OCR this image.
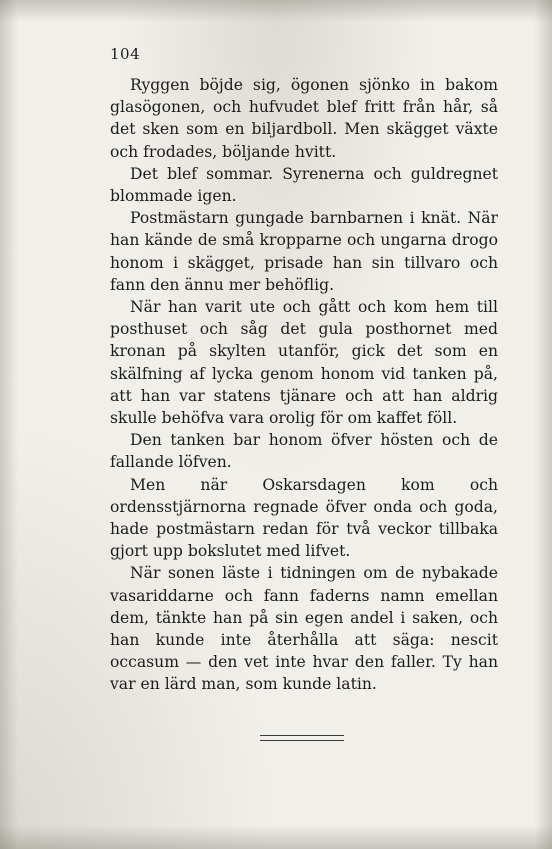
104

Ryggen böjde sig, ögonen sjönko in bakom glasögonen, och hufvudet blef fritt från hår, så det sken som en biljardboll. Men skägget växte och frodades, böljande hvitt.

Det blef sommar. Syrenerna och guldregnet blommade igen.

Postmästarn gungade barnbarnen i knät. När han kände de små kropparne och ungarna drogo honom i skägget, prisade han sin tillvaro och fann den ännu mer behöflig.

När han varit ute och gått och kom hem till posthuset och såg det gula posthornet med kronan på skylten utanför, gick det som en skälfning af lycka genom honom vid tanken på, att han var statens tjänare och att han aldrig skulle behöfva vara orolig för om kaffet föll.

Den tanken bar honom öfver hösten och de fallande löfven.

Men när Oskarsdagen kom och ordensstjärnorna regnade öfver onda och goda, hade postmästarn redan för två veckor tillbaka gjort upp bokslutet med lifvet.

När sonen läste i tidningen om de nybakade vasariddarne och fann faderns namn emellan dem, tänkte han på sin egen andel i saken, och han kunde inte återhålla att säga: nescit occasum — den vet inte hvar den faller. Ty han var en lärd man, som kunde latin.
